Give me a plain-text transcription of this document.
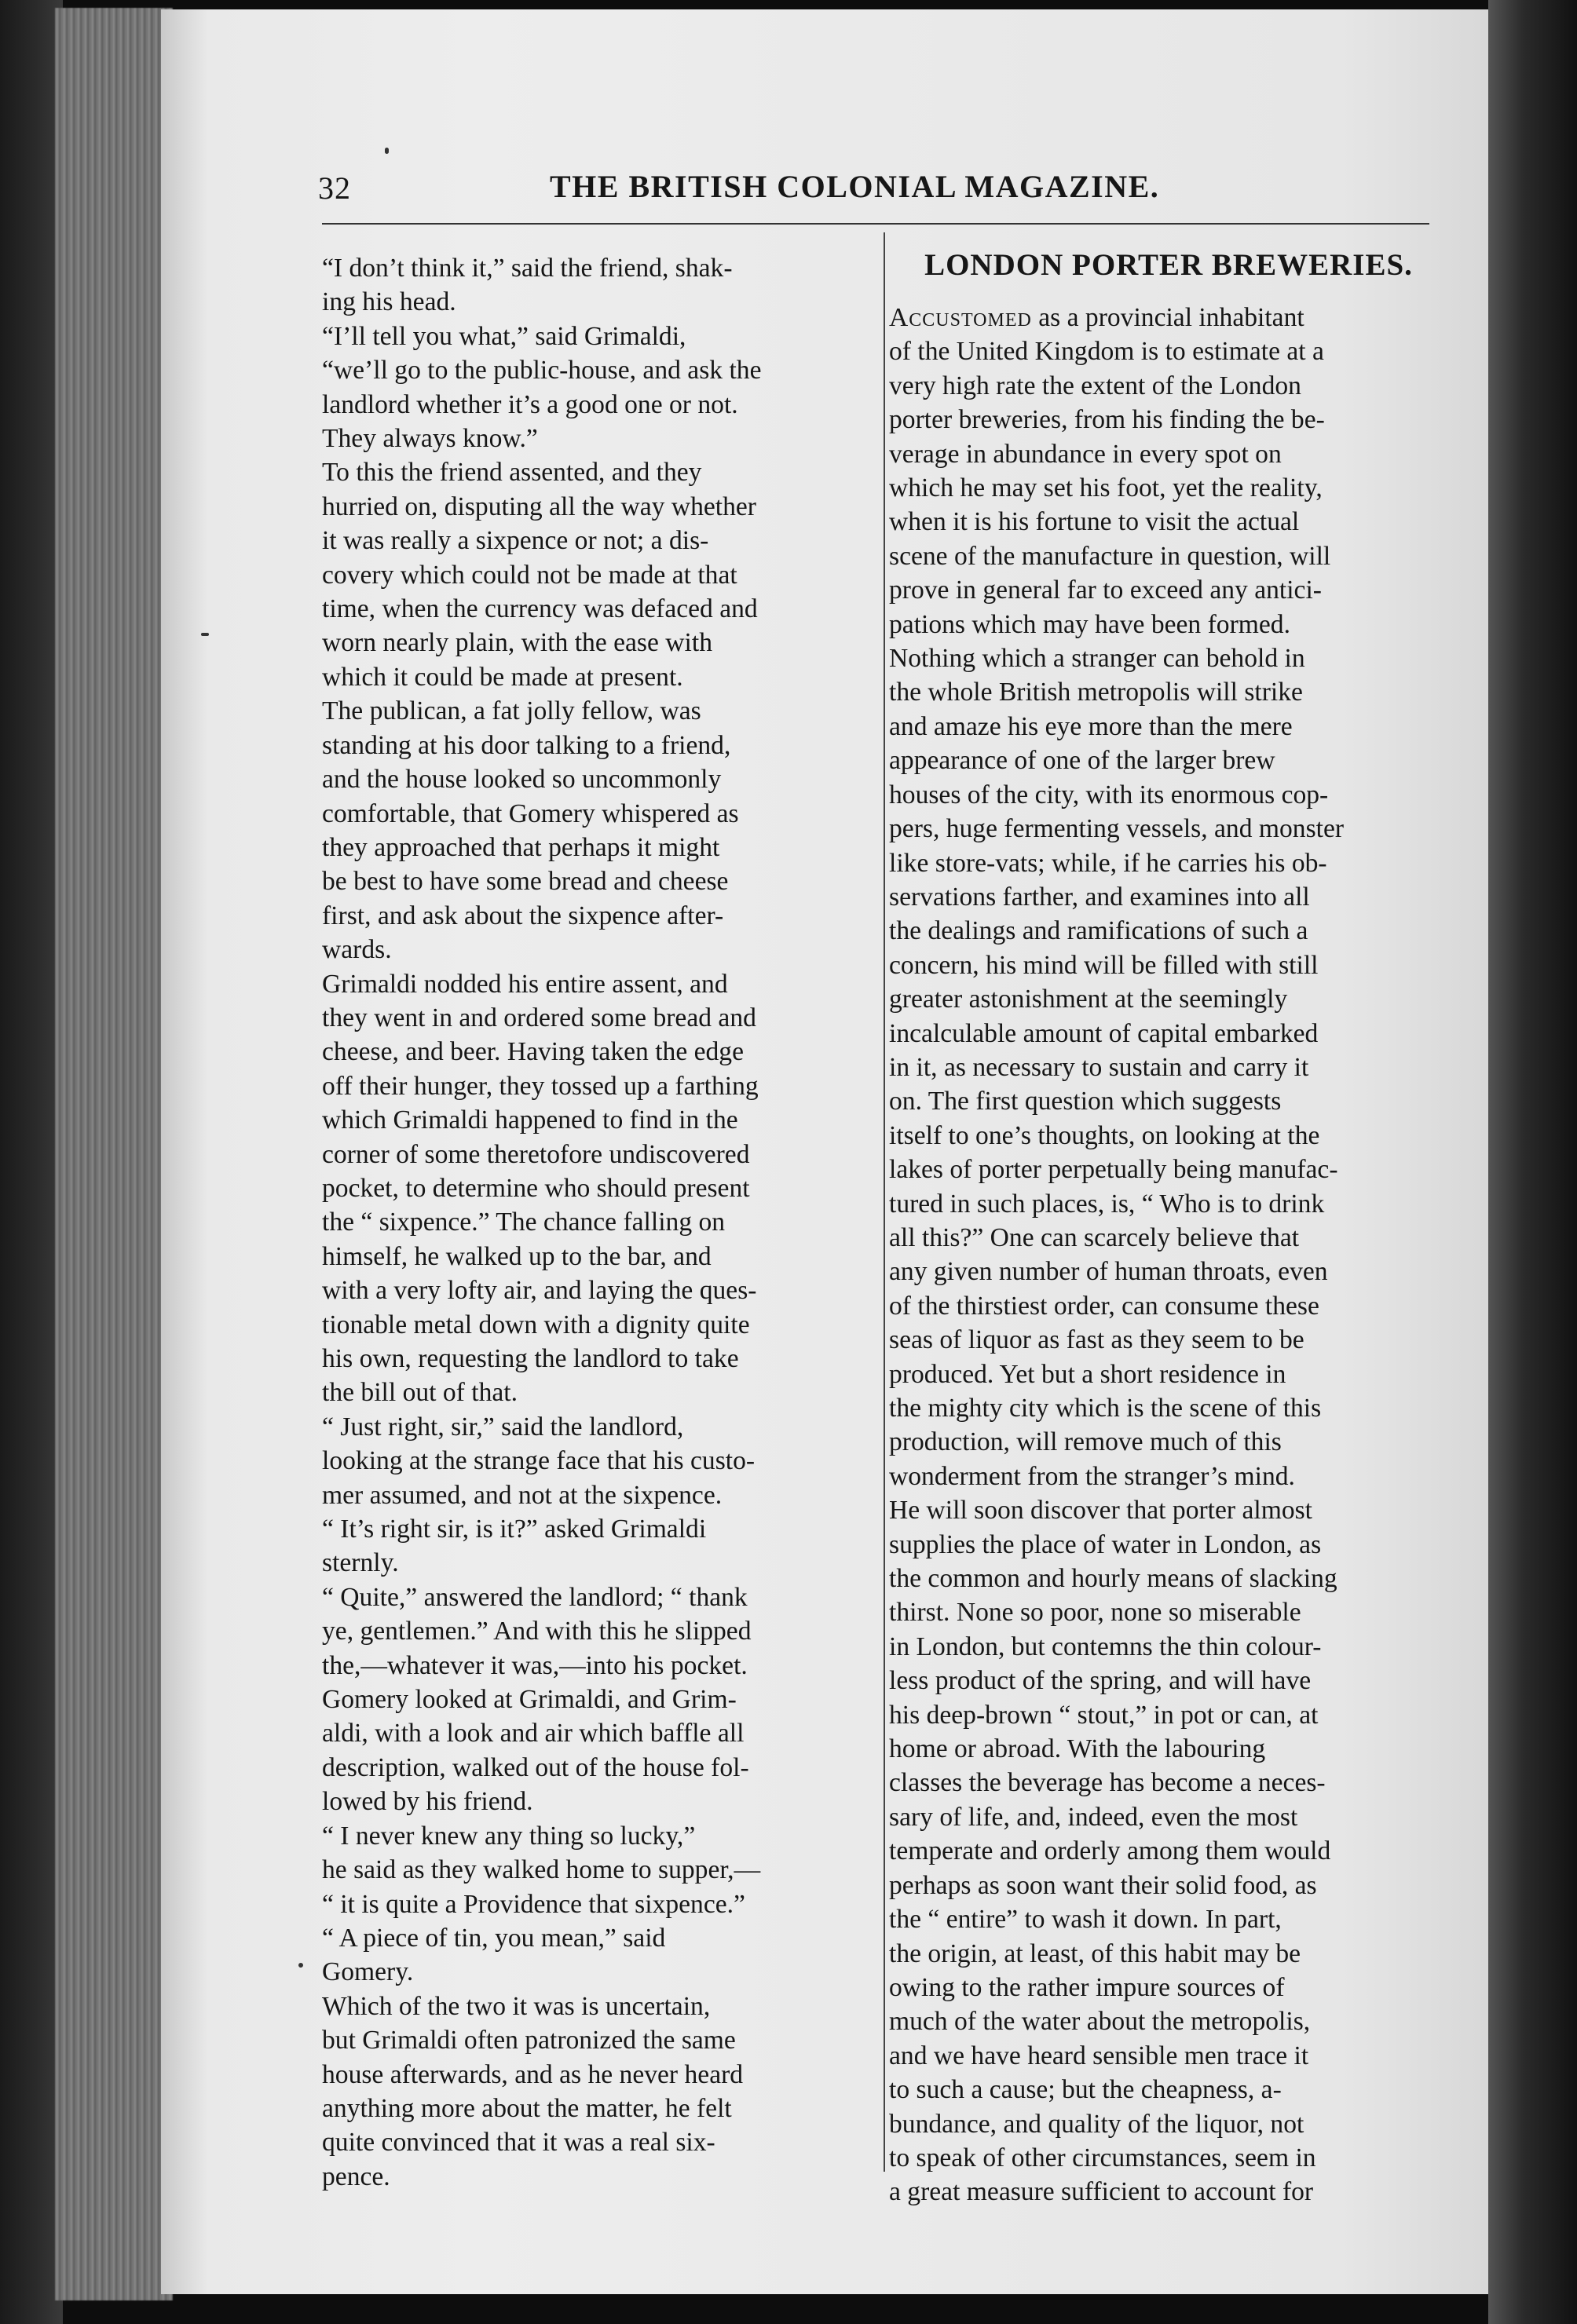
32	THE BRITISH COLONIAL MAGAZINE.
“I don’t think it,” said the friend, shak-
ing his head.
“I’ll tell you what,” said Grimaldi,
“we’ll go to the public-house, and ask the
landlord whether it’s a good one or not.
They always know.”
To this the friend assented, and they
hurried on, disputing all the way whether
it was really a sixpence or not; a dis-
covery which could not be made at that
time, when the currency was defaced and
worn nearly plain, with the ease with
which it could be made at present.
The publican, a fat jolly fellow, was
standing at his door talking to a friend,
and the house looked so uncommonly
comfortable, that Gomery whispered as
they approached that perhaps it might
be best to have some bread and cheese
first, and ask about the sixpence after-
wards.
Grimaldi nodded his entire assent, and
they went in and ordered some bread and
cheese, and beer. Having taken the edge
off their hunger, they tossed up a farthing
which Grimaldi happened to find in the
corner of some theretofore undiscovered
pocket, to determine who should present
the “ sixpence.” The chance falling on
himself, he walked up to the bar, and
with a very lofty air, and laying the ques-
tionable metal down with a dignity quite
his own, requesting the landlord to take
the bill out of that.
“ Just right, sir,” said the landlord,
looking at the strange face that his custo-
mer assumed, and not at the sixpence.
“ It’s right sir, is it?” asked Grimaldi
sternly.
“ Quite,” answered the landlord; “ thank
ye, gentlemen.” And with this he slipped
the,—whatever it was,—into his pocket.
Gomery looked at Grimaldi, and Grim-
aldi, with a look and air which baffle all
description, walked out of the house fol-
lowed by his friend.
“ I never knew any thing so lucky,”
he said as they walked home to supper,—
“ it is quite a Providence that sixpence.”
“ A piece of tin, you mean,” said
Gomery.
Which of the two it was is uncertain,
but Grimaldi often patronized the same
house afterwards, and as he never heard
anything more about the matter, he felt
quite convinced that it was a real six-
pence.
LONDON PORTER BREWERIES.
Accustomed as a provincial inhabitant
of the United Kingdom is to estimate at a
very high rate the extent of the London
porter breweries, from his finding the be-
verage in abundance in every spot on
which he may set his foot, yet the reality,
when it is his fortune to visit the actual
scene of the manufacture in question, will
prove in general far to exceed any antici-
pations which may have been formed.
Nothing which a stranger can behold in
the whole British metropolis will strike
and amaze his eye more than the mere
appearance of one of the larger brew
houses of the city, with its enormous cop-
pers, huge fermenting vessels, and monster
like store-vats; while, if he carries his ob-
servations farther, and examines into all
the dealings and ramifications of such a
concern, his mind will be filled with still
greater astonishment at the seemingly
incalculable amount of capital embarked
in it, as necessary to sustain and carry it
on. The first question which suggests
itself to one’s thoughts, on looking at the
lakes of porter perpetually being manufac-
tured in such places, is, “ Who is to drink
all this?” One can scarcely believe that
any given number of human throats, even
of the thirstiest order, can consume these
seas of liquor as fast as they seem to be
produced. Yet but a short residence in
the mighty city which is the scene of this
production, will remove much of this
wonderment from the stranger’s mind.
He will soon discover that porter almost
supplies the place of water in London, as
the common and hourly means of slacking
thirst. None so poor, none so miserable
in London, but contemns the thin colour-
less product of the spring, and will have
his deep-brown “ stout,” in pot or can, at
home or abroad. With the labouring
classes the beverage has become a neces-
sary of life, and, indeed, even the most
temperate and orderly among them would
perhaps as soon want their solid food, as
the “ entire” to wash it down. In part,
the origin, at least, of this habit may be
owing to the rather impure sources of
much of the water about the metropolis,
and we have heard sensible men trace it
to such a cause; but the cheapness, a-
bundance, and quality of the liquor, not
to speak of other circumstances, seem in
a great measure sufficient to account for
